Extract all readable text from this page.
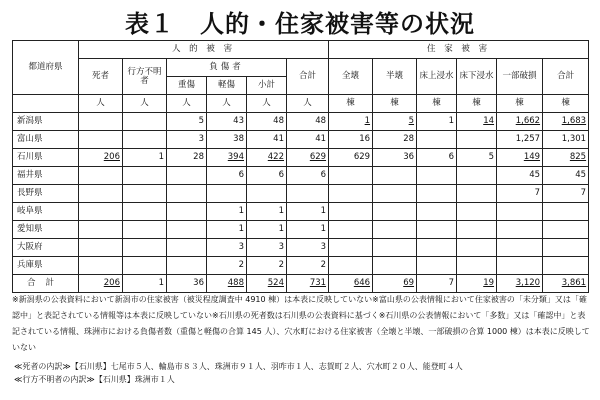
表１　人的・住家被害等の状況
都道府県	人 的 被 害						住 家 被 害					
	死者	行方不明者	負傷者			合計	全壊	半壊	床上浸水	床下浸水	一部破損	合計
			重傷	軽傷	小計							
	人	人	人	人	人	人	棟	棟	棟	棟	棟	棟
新潟県			5	43	48	48	1	5	1	14	1,662	1,683
富山県			3	38	41	41	16	28			1,257	1,301
石川県	206	1	28	394	422	629	629	36	6	5	149	825
福井県				6	6	6					45	45
長野県											7	7
岐阜県				1	1	1						
愛知県				1	1	1						
大阪府				3	3	3						
兵庫県				2	2	2						
合計	206	1	36	488	524	731	646	69	7	19	3,120	3,861

※新潟県の公表資料において新潟市の住家被害（被災程度調査中 4910 棟）は本表に反映していない※富山県の公表情報において住家被害の「未分類」又は「確認中」と表記されている情報等は本表に反映していない※石川県の死者数は石川県の公表資料に基づく※石川県の公表情報において「多数」又は「確認中」と表記されている情報、珠洲市における負傷者数（重傷と軽傷の合算 145 人）、穴水町における住家被害（全壊と半壊、一部破損の合算 1000 棟）は本表に反映していない

≪死者の内訳≫【石川県】七尾市５人、輪島市８３人、珠洲市９１人、羽咋市１人、志賀町２人、穴水町２０人、能登町４人

≪行方不明者の内訳≫【石川県】珠洲市１人
